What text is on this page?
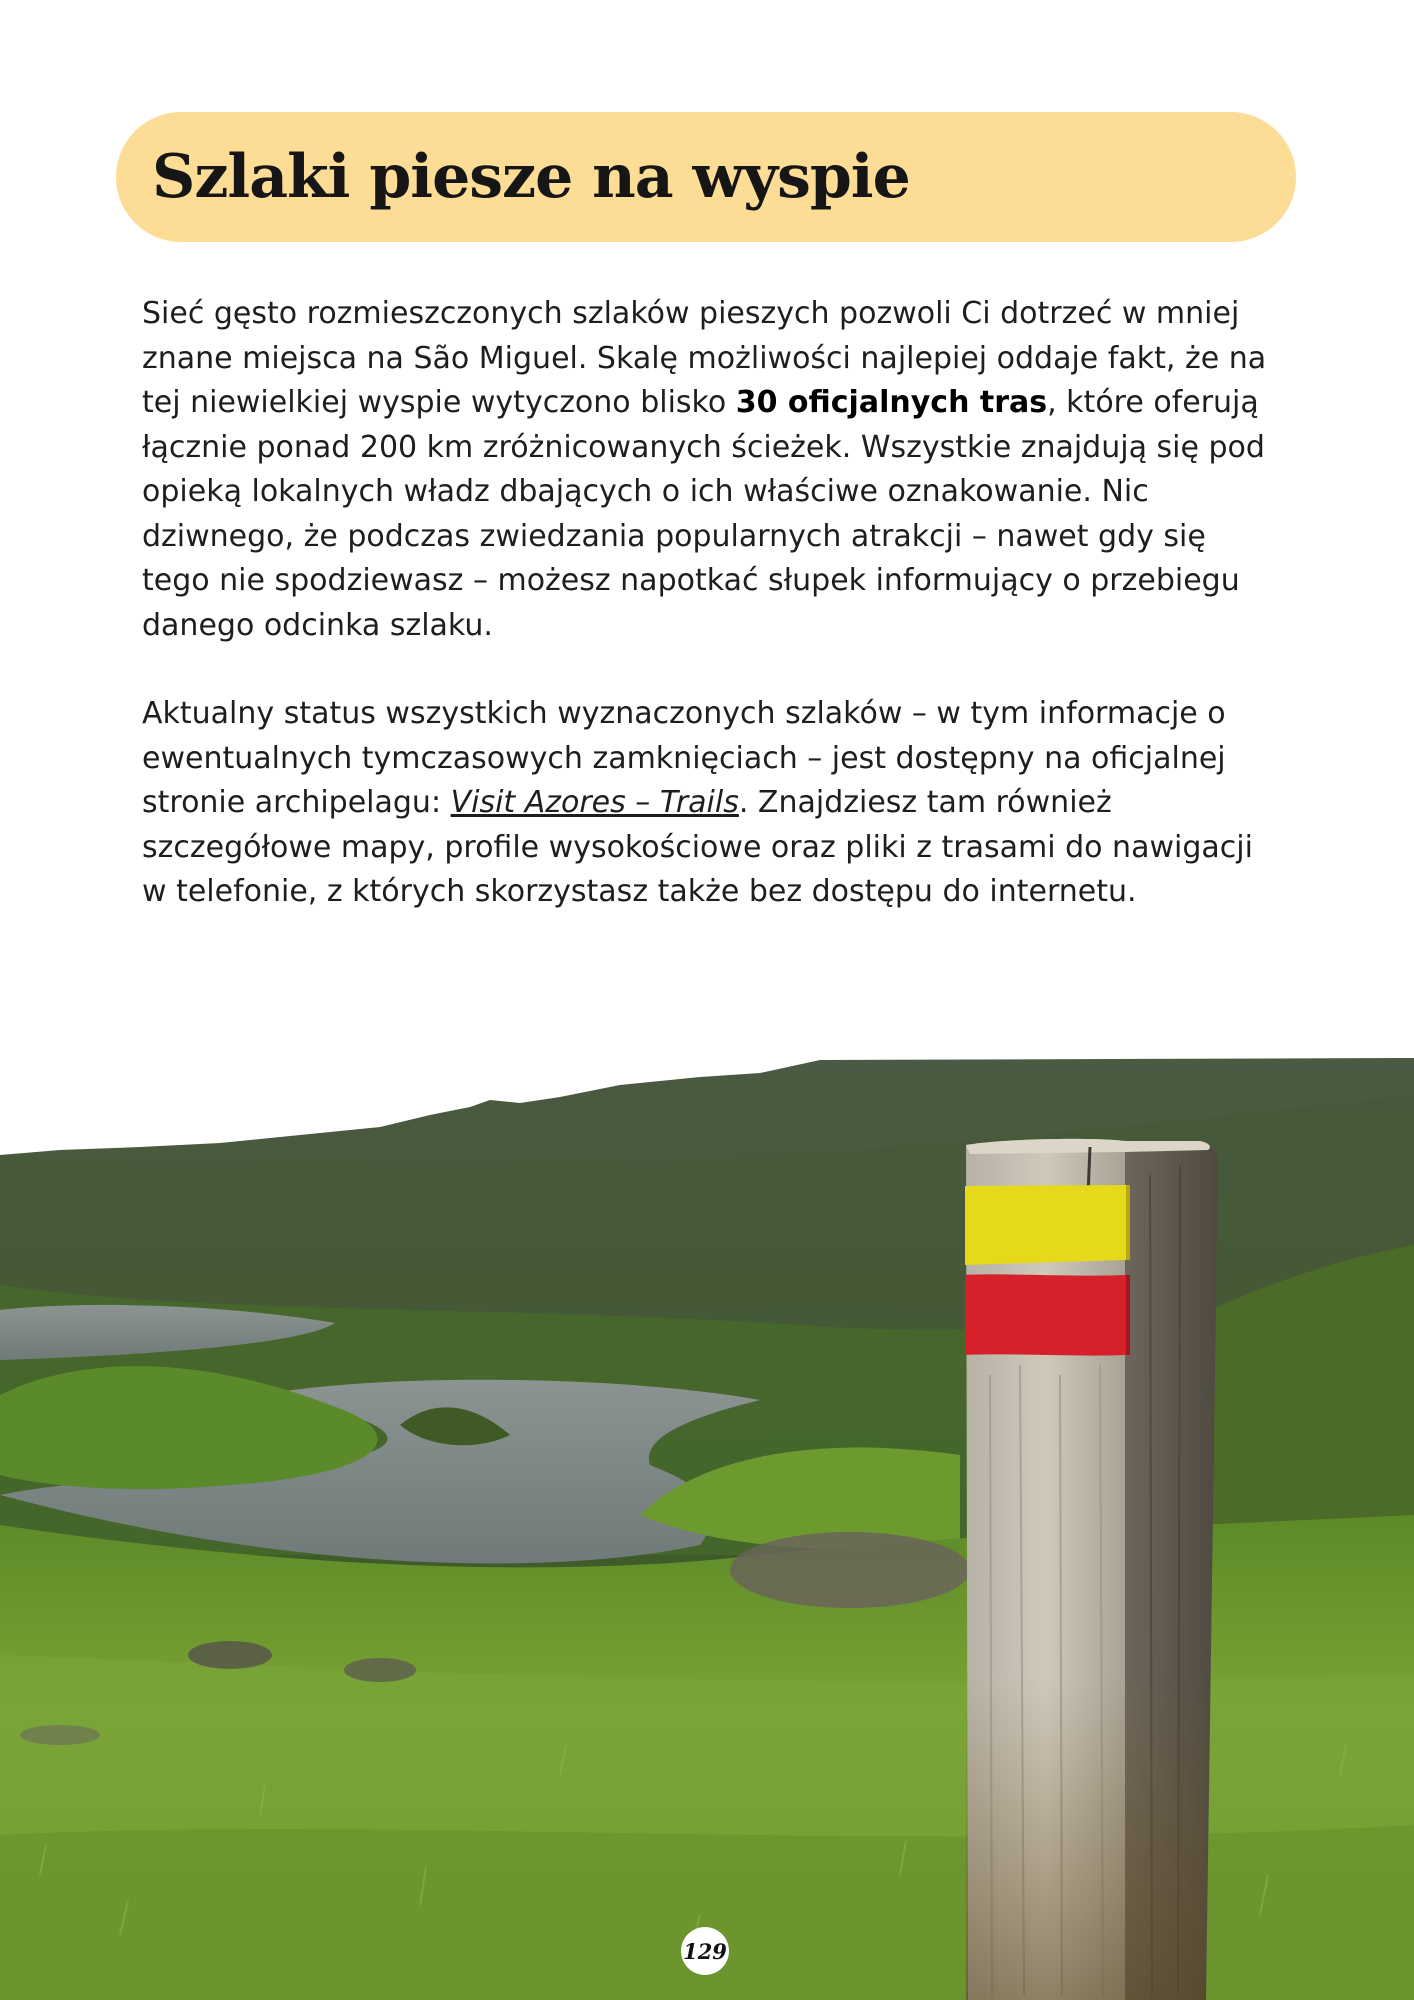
Szlaki piesze na wyspie

Sieć gęsto rozmieszczonych szlaków pieszych pozwoli Ci dotrzeć w mniej znane miejsca na São Miguel. Skalę możliwości najlepiej oddaje fakt, że na tej niewielkiej wyspie wytyczono blisko 30 oficjalnych tras, które oferują łącznie ponad 200 km zróżnicowanych ścieżek. Wszystkie znajdują się pod opieką lokalnych władz dbających o ich właściwe oznakowanie. Nic dziwnego, że podczas zwiedzania popularnych atrakcji – nawet gdy się tego nie spodziewasz – możesz napotkać słupek informujący o przebiegu danego odcinka szlaku.

Aktualny status wszystkich wyznaczonych szlaków – w tym informacje o ewentualnych tymczasowych zamknięciach – jest dostępny na oficjalnej stronie archipelagu: Visit Azores – Trails. Znajdziesz tam również szczegółowe mapy, profile wysokościowe oraz pliki z trasami do nawigacji w telefonie, z których skorzystasz także bez dostępu do internetu.

129
